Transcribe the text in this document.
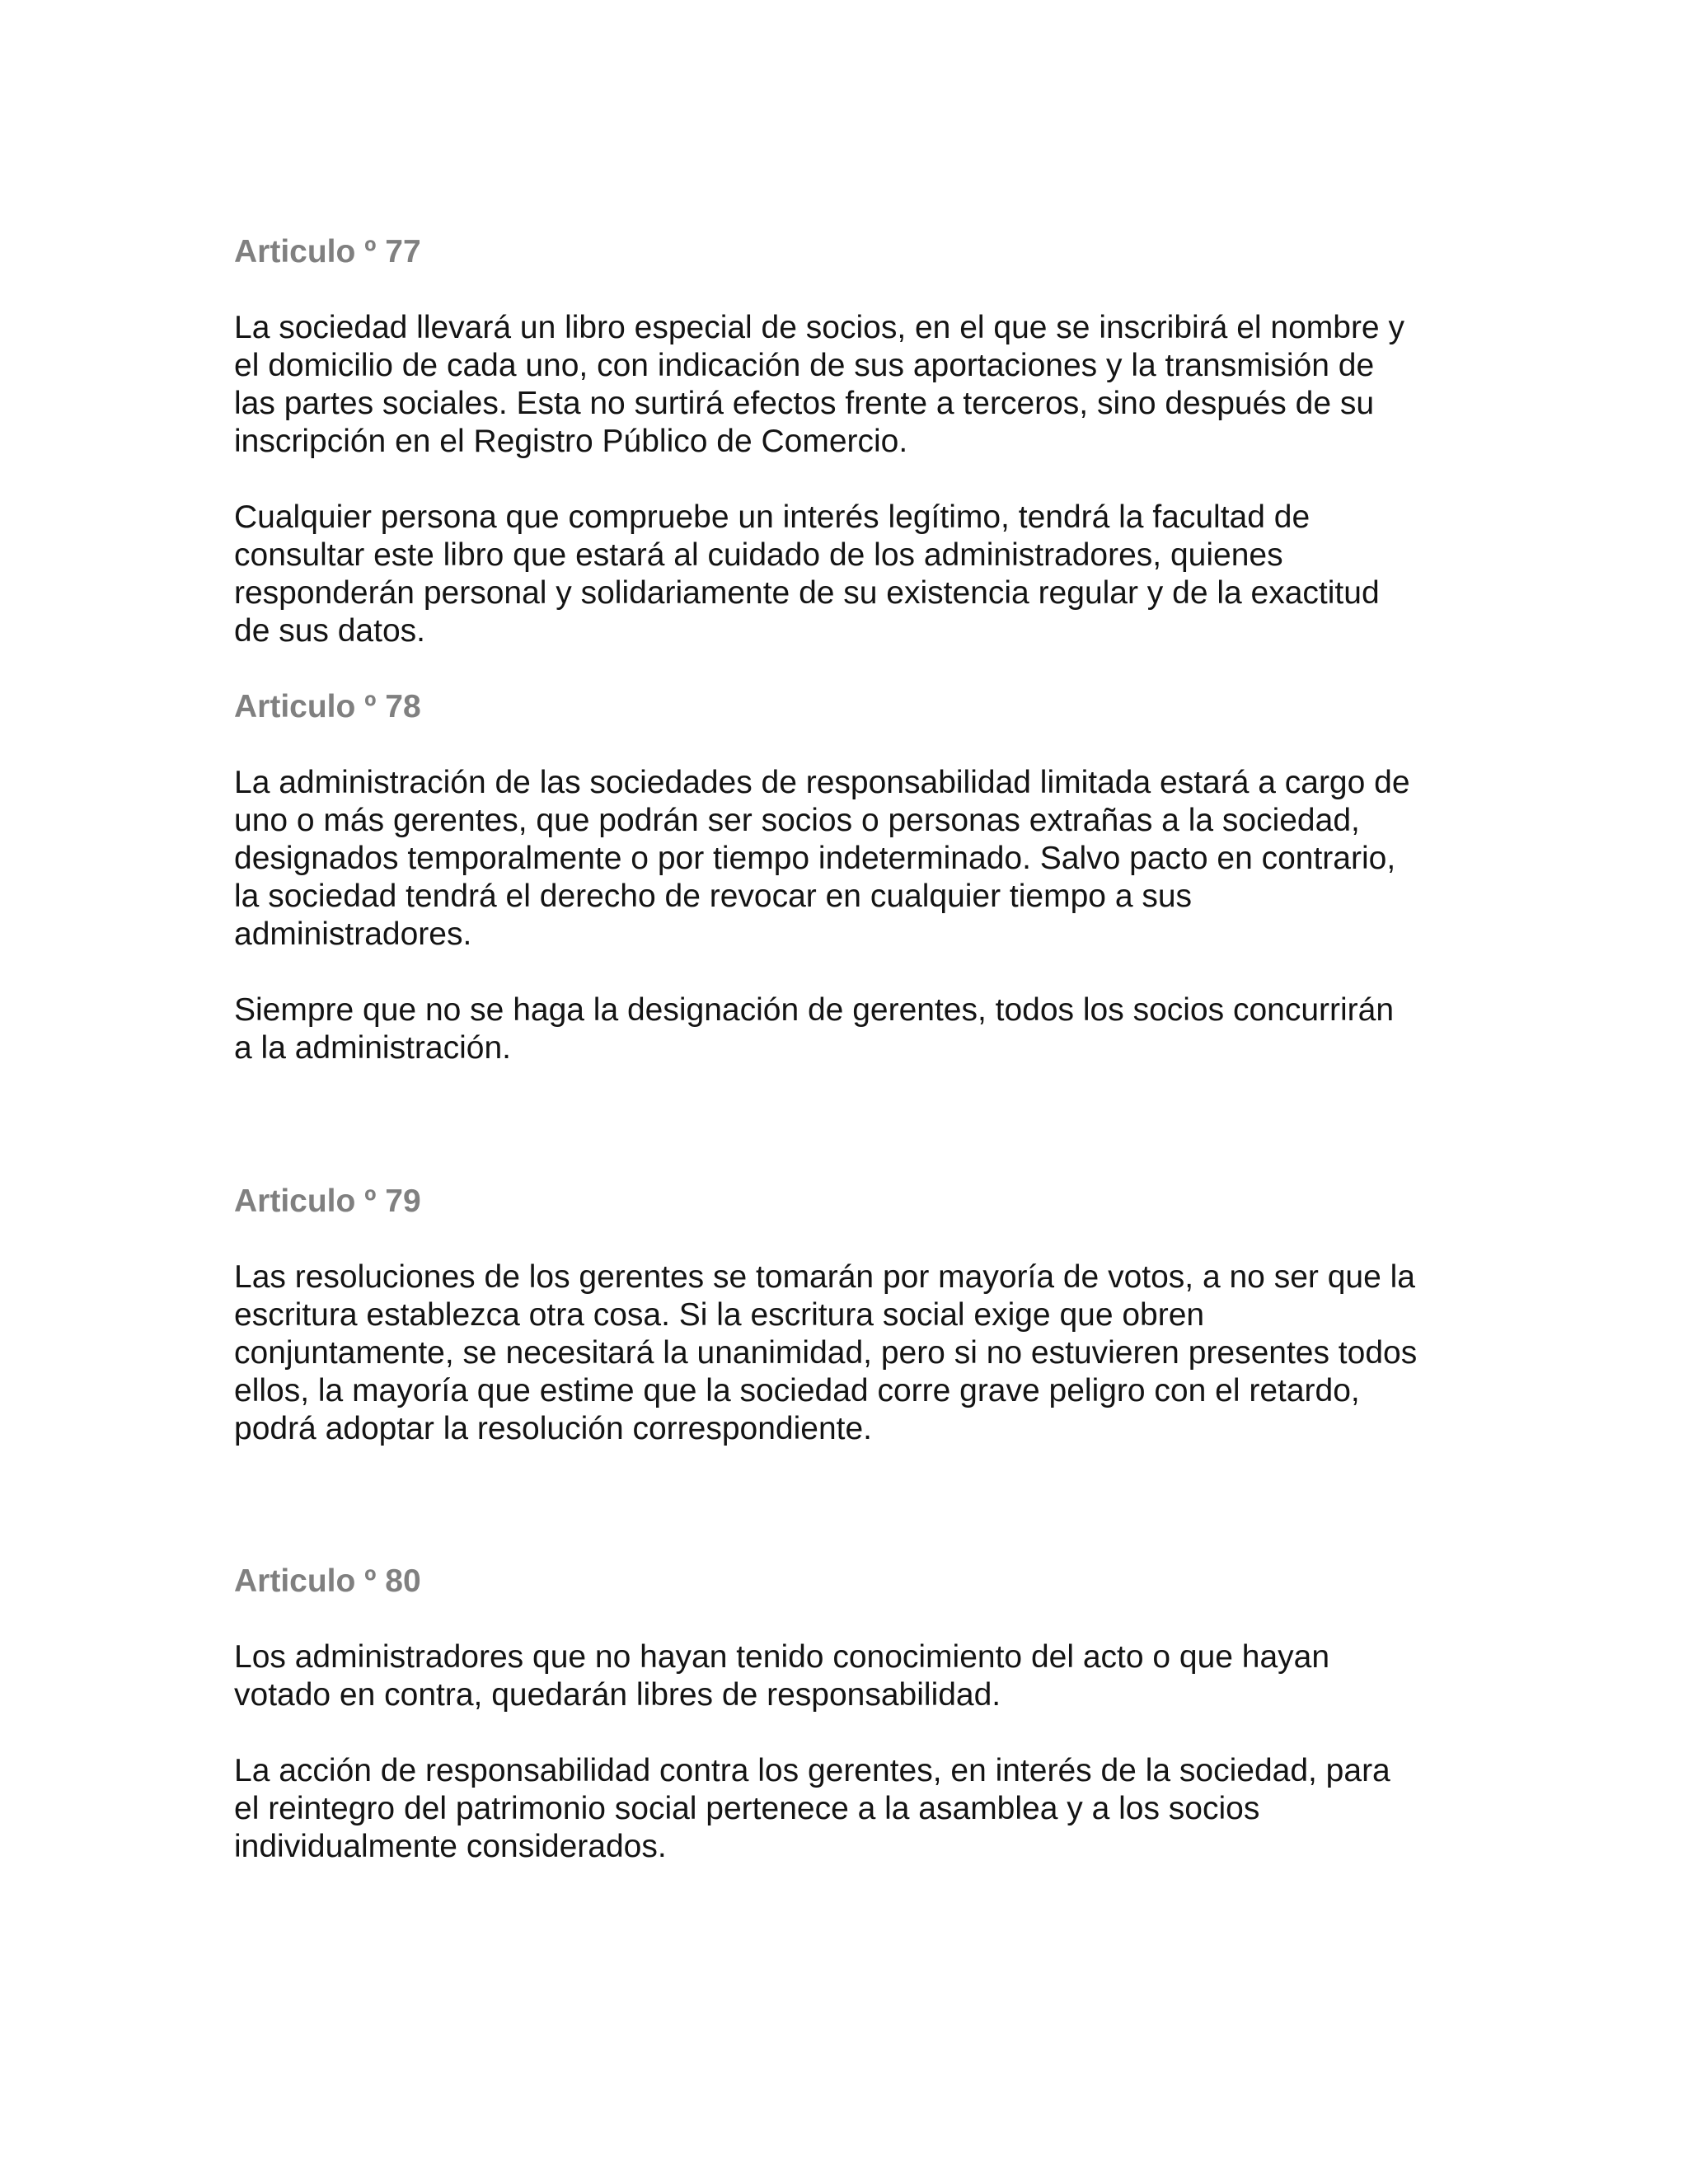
Articulo º 77
La sociedad llevará un libro especial de socios, en el que se inscribirá el nombre y
el domicilio de cada uno, con indicación de sus aportaciones y la transmisión de
las partes sociales. Esta no surtirá efectos frente a terceros, sino después de su
inscripción en el Registro Público de Comercio.
Cualquier persona que compruebe un interés legítimo, tendrá la facultad de
consultar este libro que estará al cuidado de los administradores, quienes
responderán personal y solidariamente de su existencia regular y de la exactitud
de sus datos.
Articulo º 78
La administración de las sociedades de responsabilidad limitada estará a cargo de
uno o más gerentes, que podrán ser socios o personas extrañas a la sociedad,
designados temporalmente o por tiempo indeterminado. Salvo pacto en contrario,
la sociedad tendrá el derecho de revocar en cualquier tiempo a sus
administradores.
Siempre que no se haga la designación de gerentes, todos los socios concurrirán
a la administración.
Articulo º 79
Las resoluciones de los gerentes se tomarán por mayoría de votos, a no ser que la
escritura establezca otra cosa. Si la escritura social exige que obren
conjuntamente, se necesitará la unanimidad, pero si no estuvieren presentes todos
ellos, la mayoría que estime que la sociedad corre grave peligro con el retardo,
podrá adoptar la resolución correspondiente.
Articulo º 80
Los administradores que no hayan tenido conocimiento del acto o que hayan
votado en contra, quedarán libres de responsabilidad.
La acción de responsabilidad contra los gerentes, en interés de la sociedad, para
el reintegro del patrimonio social pertenece a la asamblea y a los socios
individualmente considerados.
